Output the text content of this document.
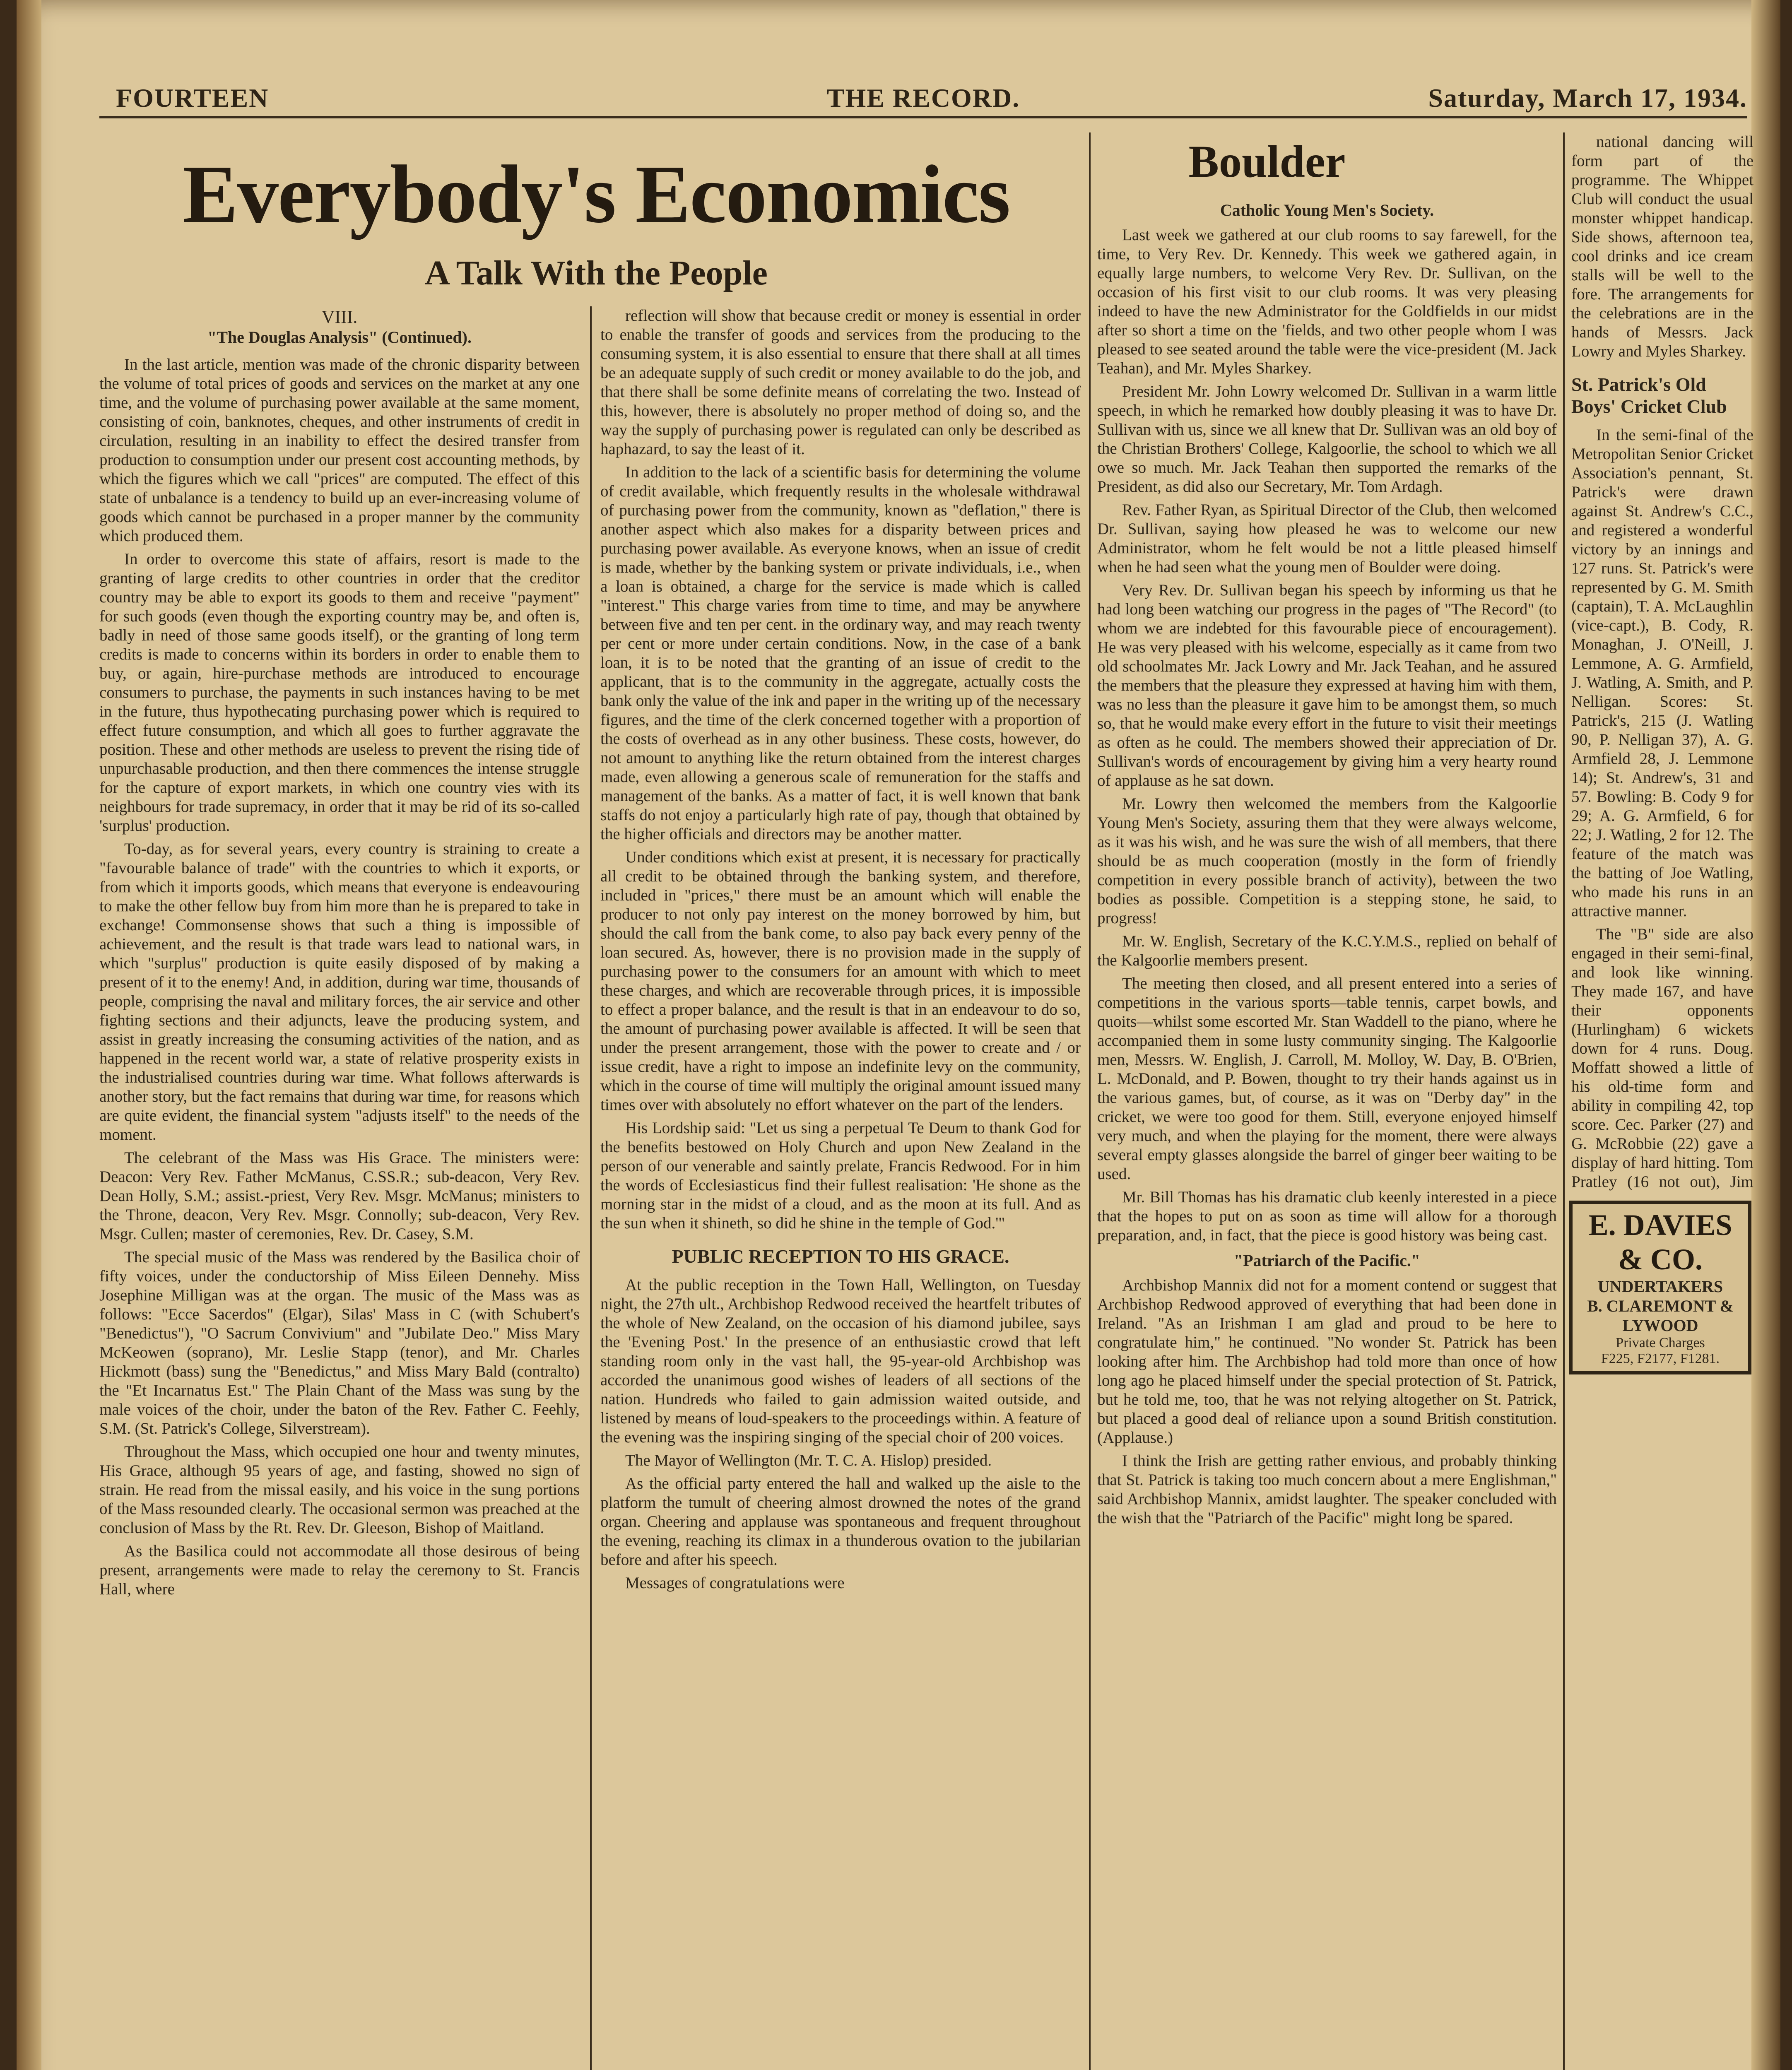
FOURTEEN	THE RECORD.	Saturday, March 17, 1934.
Everybody's Economics
A Talk With the People
VIII.
"The Douglas Analysis" (Continued).

In the last article, mention was made of the chronic disparity between the volume of total prices of goods and services on the market at any one time, and the volume of purchasing power available at the same moment, consisting of coin, banknotes, cheques, and other instruments of credit in circulation, resulting in an inability to effect the desired transfer from production to consumption under our present cost accounting methods, by which the figures which we call "prices" are computed. The effect of this state of unbalance is a tendency to build up an ever-increasing volume of goods which cannot be purchased in a proper manner by the community which produced them.

In order to overcome this state of affairs, resort is made to the granting of large credits to other countries in order that the creditor country may be able to export its goods to them and receive "payment" for such goods (even though the exporting country may be, and often is, badly in need of those same goods itself), or the granting of long term credits is made to concerns within its borders in order to enable them to buy, or again, hire-purchase methods are introduced to encourage consumers to purchase, the payments in such instances having to be met in the future, thus hypothecating purchasing power which is required to effect future consumption, and which all goes to further aggravate the position. These and other methods are useless to prevent the rising tide of unpurchasable production, and then there commences the intense struggle for the capture of export markets, in which one country vies with its neighbours for trade supremacy, in order that it may be rid of its so-called 'surplus' production.

To-day, as for several years, every country is straining to create a "favourable balance of trade" with the countries to which it exports, or from which it imports goods, which means that everyone is endeavouring to make the other fellow buy from him more than he is prepared to take in exchange! Commonsense shows that such a thing is impossible of achievement, and the result is that trade wars lead to national wars, in which "surplus" production is quite easily disposed of by making a present of it to the enemy! And, in addition, during war time, thousands of people, comprising the naval and military forces, the air service and other fighting sections and their adjuncts, leave the producing system, and assist in greatly increasing the consuming activities of the nation, and as happened in the recent world war, a state of relative prosperity exists in the industrialised countries during war time. What follows afterwards is another story, but the fact remains that during war time, for reasons which are quite evident, the financial system "adjusts itself" to the needs of the moment.

The celebrant of the Mass was His Grace. The ministers were: Deacon: Very Rev. Father McManus, C.SS.R.; sub-deacon, Very Rev. Dean Holly, S.M.; assist.-priest, Very Rev. Msgr. McManus; ministers to the Throne, deacon, Very Rev. Msgr. Connolly; sub-deacon, Very Rev. Msgr. Cullen; master of ceremonies, Rev. Dr. Casey, S.M.

The special music of the Mass was rendered by the Basilica choir of fifty voices, under the conductorship of Miss Eileen Dennehy. Miss Josephine Milligan was at the organ. The music of the Mass was as follows: "Ecce Sacerdos" (Elgar), Silas' Mass in C (with Schubert's "Benedictus"), "O Sacrum Convivium" and "Jubilate Deo." Miss Mary McKeowen (soprano), Mr. Leslie Stapp (tenor), and Mr. Charles Hickmott (bass) sung the "Benedictus," and Miss Mary Bald (contralto) the "Et Incarnatus Est." The Plain Chant of the Mass was sung by the male voices of the choir, under the baton of the Rev. Father C. Feehly, S.M. (St. Patrick's College, Silverstream).

Throughout the Mass, which occupied one hour and twenty minutes, His Grace, although 95 years of age, and fasting, showed no sign of strain. He read from the missal easily, and his voice in the sung portions of the Mass resounded clearly. The occasional sermon was preached at the conclusion of Mass by the Rt. Rev. Dr. Gleeson, Bishop of Maitland.

As the Basilica could not accommodate all those desirous of being present, arrangements were made to relay the ceremony to St. Francis Hall, where

reflection will show that because credit or money is essential in order to enable the transfer of goods and services from the producing to the consuming system, it is also essential to ensure that there shall at all times be an adequate supply of such credit or money available to do the job, and that there shall be some definite means of correlating the two. Instead of this, however, there is absolutely no proper method of doing so, and the way the supply of purchasing power is regulated can only be described as haphazard, to say the least of it.

In addition to the lack of a scientific basis for determining the volume of credit available, which frequently results in the wholesale withdrawal of purchasing power from the community, known as "deflation," there is another aspect which also makes for a disparity between prices and purchasing power available. As everyone knows, when an issue of credit is made, whether by the banking system or private individuals, i.e., when a loan is obtained, a charge for the service is made which is called "interest." This charge varies from time to time, and may be anywhere between five and ten per cent. in the ordinary way, and may reach twenty per cent or more under certain conditions. Now, in the case of a bank loan, it is to be noted that the granting of an issue of credit to the applicant, that is to the community in the aggregate, actually costs the bank only the value of the ink and paper in the writing up of the necessary figures, and the time of the clerk concerned together with a proportion of the costs of overhead as in any other business. These costs, however, do not amount to anything like the return obtained from the interest charges made, even allowing a generous scale of remuneration for the staffs and management of the banks. As a matter of fact, it is well known that bank staffs do not enjoy a particularly high rate of pay, though that obtained by the higher officials and directors may be another matter.

Under conditions which exist at present, it is necessary for practically all credit to be obtained through the banking system, and therefore, included in "prices," there must be an amount which will enable the producer to not only pay interest on the money borrowed by him, but should the call from the bank come, to also pay back every penny of the loan secured. As, however, there is no provision made in the supply of purchasing power to the consumers for an amount with which to meet these charges, and which are recoverable through prices, it is impossible to effect a proper balance, and the result is that in an endeavour to do so, the amount of purchasing power available is affected. It will be seen that under the present arrangement, those with the power to create and / or issue credit, have a right to impose an indefinite levy on the community, which in the course of time will multiply the original amount issued many times over with absolutely no effort whatever on the part of the lenders.

His Lordship said: "Let us sing a perpetual Te Deum to thank God for the benefits bestowed on Holy Church and upon New Zealand in the person of our venerable and saintly prelate, Francis Redwood. For in him the words of Ecclesiasticus find their fullest realisation: 'He shone as the morning star in the midst of a cloud, and as the moon at its full. And as the sun when it shineth, so did he shine in the temple of God.'"

PUBLIC RECEPTION TO HIS GRACE.

At the public reception in the Town Hall, Wellington, on Tuesday night, the 27th ult., Archbishop Redwood received the heartfelt tributes of the whole of New Zealand, on the occasion of his diamond jubilee, says the 'Evening Post.' In the presence of an enthusiastic crowd that left standing room only in the vast hall, the 95-year-old Archbishop was accorded the unanimous good wishes of leaders of all sections of the nation. Hundreds who failed to gain admission waited outside, and listened by means of loud-speakers to the proceedings within. A feature of the evening was the inspiring singing of the special choir of 200 voices.

The Mayor of Wellington (Mr. T. C. A. Hislop) presided.

As the official party entered the hall and walked up the aisle to the platform the tumult of cheering almost drowned the notes of the grand organ. Cheering and applause was spontaneous and frequent throughout the evening, reaching its climax in a thunderous ovation to the jubilarian before and after his speech.

Messages of congratulations were

Boulder
Catholic Young Men's Society.

Last week we gathered at our club rooms to say farewell, for the time, to Very Rev. Dr. Kennedy. This week we gathered again, in equally large numbers, to welcome Very Rev. Dr. Sullivan, on the occasion of his first visit to our club rooms. It was very pleasing indeed to have the new Administrator for the Goldfields in our midst after so short a time on the 'fields, and two other people whom I was pleased to see seated around the table were the vice-president (M. Jack Teahan), and Mr. Myles Sharkey.

President Mr. John Lowry welcomed Dr. Sullivan in a warm little speech, in which he remarked how doubly pleasing it was to have Dr. Sullivan with us, since we all knew that Dr. Sullivan was an old boy of the Christian Brothers' College, Kalgoorlie, the school to which we all owe so much. Mr. Jack Teahan then supported the remarks of the President, as did also our Secretary, Mr. Tom Ardagh.

Rev. Father Ryan, as Spiritual Director of the Club, then welcomed Dr. Sullivan, saying how pleased he was to welcome our new Administrator, whom he felt would be not a little pleased himself when he had seen what the young men of Boulder were doing.

Very Rev. Dr. Sullivan began his speech by informing us that he had long been watching our progress in the pages of "The Record" (to whom we are indebted for this favourable piece of encouragement). He was very pleased with his welcome, especially as it came from two old schoolmates Mr. Jack Lowry and Mr. Jack Teahan, and he assured the members that the pleasure they expressed at having him with them, was no less than the pleasure it gave him to be amongst them, so much so, that he would make every effort in the future to visit their meetings as often as he could. The members showed their appreciation of Dr. Sullivan's words of encouragement by giving him a very hearty round of applause as he sat down.

Mr. Lowry then welcomed the members from the Kalgoorlie Young Men's Society, assuring them that they were always welcome, as it was his wish, and he was sure the wish of all members, that there should be as much cooperation (mostly in the form of friendly competition in every possible branch of activity), between the two bodies as possible. Competition is a stepping stone, he said, to progress!

Mr. W. English, Secretary of the K.C.Y.M.S., replied on behalf of the Kalgoorlie members present.

The meeting then closed, and all present entered into a series of competitions in the various sports—table tennis, carpet bowls, and quoits—whilst some escorted Mr. Stan Waddell to the piano, where he accompanied them in some lusty community singing. The Kalgoorlie men, Messrs. W. English, J. Carroll, M. Molloy, W. Day, B. O'Brien, L. McDonald, and P. Bowen, thought to try their hands against us in the various games, but, of course, as it was on "Derby day" in the cricket, we were too good for them. Still, everyone enjoyed himself very much, and when the playing for the moment, there were always several empty glasses alongside the barrel of ginger beer waiting to be used.

Mr. Bill Thomas has his dramatic club keenly interested in a piece that the hopes to put on as soon as time will allow for a thorough preparation, and, in fact, that the piece is good history was being cast.

"Patriarch of the Pacific."

Archbishop Mannix did not for a moment contend or suggest that Archbishop Redwood approved of everything that had been done in Ireland. "As an Irishman I am glad and proud to be here to congratulate him," he continued. "No wonder St. Patrick has been looking after him. The Archbishop had told more than once of how long ago he placed himself under the special protection of St. Patrick, but he told me, too, that he was not relying altogether on St. Patrick, but placed a good deal of reliance upon a sound British constitution. (Applause.)

I think the Irish are getting rather envious, and probably thinking that St. Patrick is taking too much concern about a mere Englishman," said Archbishop Mannix, amidst laughter. The speaker concluded with the wish that the "Patriarch of the Pacific" might long be spared.

national dancing will form part of the programme. The Whippet Club will conduct the usual monster whippet handicap. Side shows, afternoon tea, cool drinks and ice cream stalls will be well to the fore. The arrangements for the celebrations are in the hands of Messrs. Jack Lowry and Myles Sharkey.

St. Patrick's Old Boys' Cricket Club

In the semi-final of the Metropolitan Senior Cricket Association's pennant, St. Patrick's were drawn against St. Andrew's C.C., and registered a wonderful victory by an innings and 127 runs. St. Patrick's were represented by G. M. Smith (captain), T. A. McLaughlin (vice-capt.), B. Cody, R. Monaghan, J. O'Neill, J. Lemmone, A. G. Armfield, J. Watling, A. Smith, and P. Nelligan. Scores: St. Patrick's, 215 (J. Watling 90, P. Nelligan 37), A. G. Armfield 28, J. Lemmone 14); St. Andrew's, 31 and 57. Bowling: B. Cody 9 for 29; A. G. Armfield, 6 for 22; J. Watling, 2 for 12. The feature of the match was the batting of Joe Watling, who made his runs in an attractive manner.

The "B" side are also engaged in their semi-final, and look like winning. They made 167, and have their opponents (Hurlingham) 6 wickets down for 4 runs. Doug. Moffatt showed a little of his old-time form and ability in compiling 42, top score. Cec. Parker (27) and G. McRobbie (22) gave a display of hard hitting. Tom Pratley (16 not out), Jim

E. DAVIES & CO.
UNDERTAKERS
B. CLAREMONT &
LYWOOD
Private Charges
F225, F2177, F1281.
